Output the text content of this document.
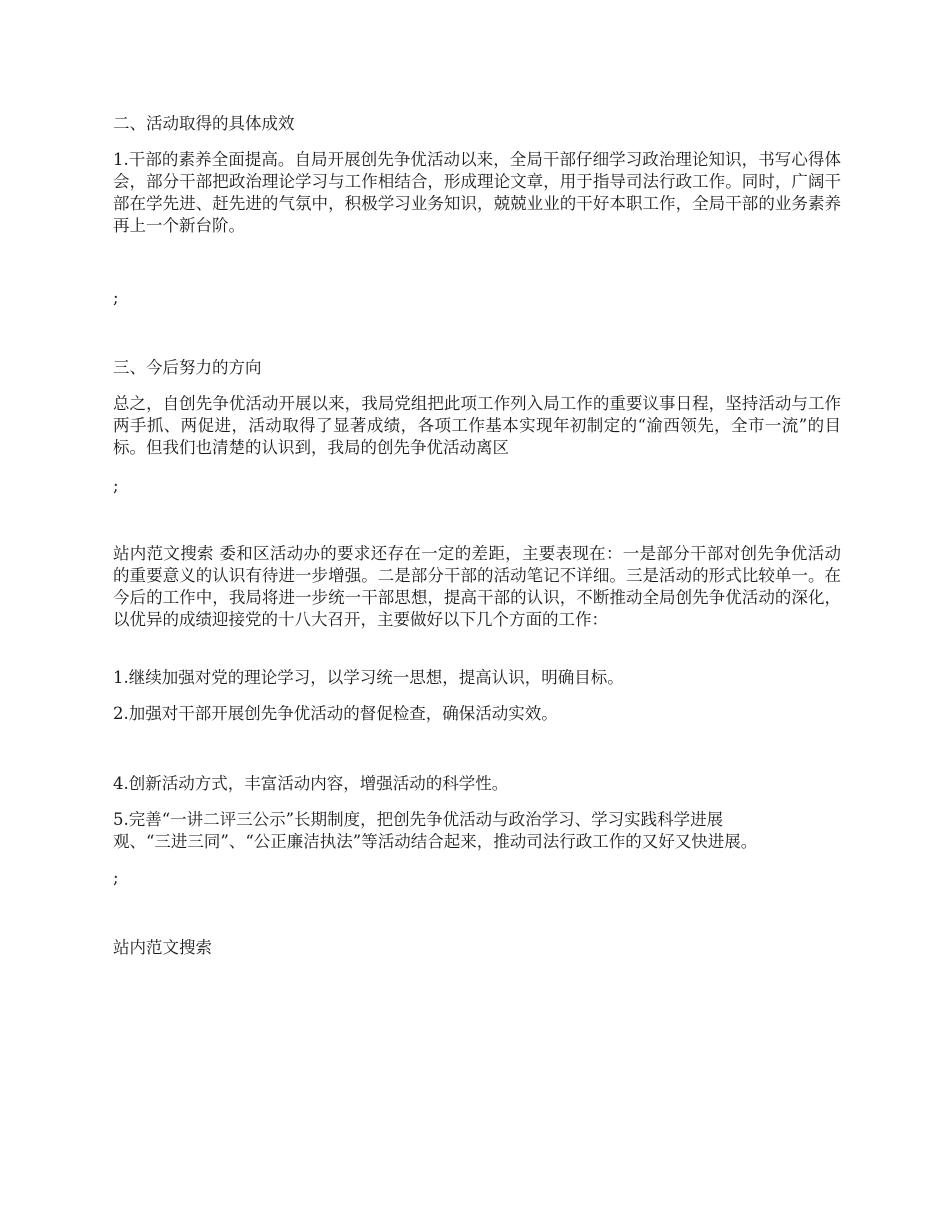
二、活动取得的具体成效

1.干部的素养全面提高。自局开展创先争优活动以来，全局干部仔细学习政治理论知识，书写心得体会，部分干部把政治理论学习与工作相结合，形成理论文章，用于指导司法行政工作。同时，广阔干部在学先进、赶先进的气氛中，积极学习业务知识，兢兢业业的干好本职工作，全局干部的业务素养再上一个新台阶。

;

三、今后努力的方向

总之，自创先争优活动开展以来，我局党组把此项工作列入局工作的重要议事日程，坚持活动与工作两手抓、两促进，活动取得了显著成绩，各项工作基本实现年初制定的“渝西领先，全市一流”的目标。但我们也清楚的认识到，我局的创先争优活动离区

;

站内范文搜索 委和区活动办的要求还存在一定的差距，主要表现在：一是部分干部对创先争优活动的重要意义的认识有待进一步增强。二是部分干部的活动笔记不详细。三是活动的形式比较单一。在今后的工作中，我局将进一步统一干部思想，提高干部的认识，不断推动全局创先争优活动的深化，以优异的成绩迎接党的十八大召开，主要做好以下几个方面的工作：

1.继续加强对党的理论学习，以学习统一思想，提高认识，明确目标。

2.加强对干部开展创先争优活动的督促检查，确保活动实效。

4.创新活动方式，丰富活动内容，增强活动的科学性。

5.完善“一讲二评三公示”长期制度，把创先争优活动与政治学习、学习实践科学进展

观、“三进三同”、“公正廉洁执法”等活动结合起来，推动司法行政工作的又好又快进展。

;

站内范文搜索
